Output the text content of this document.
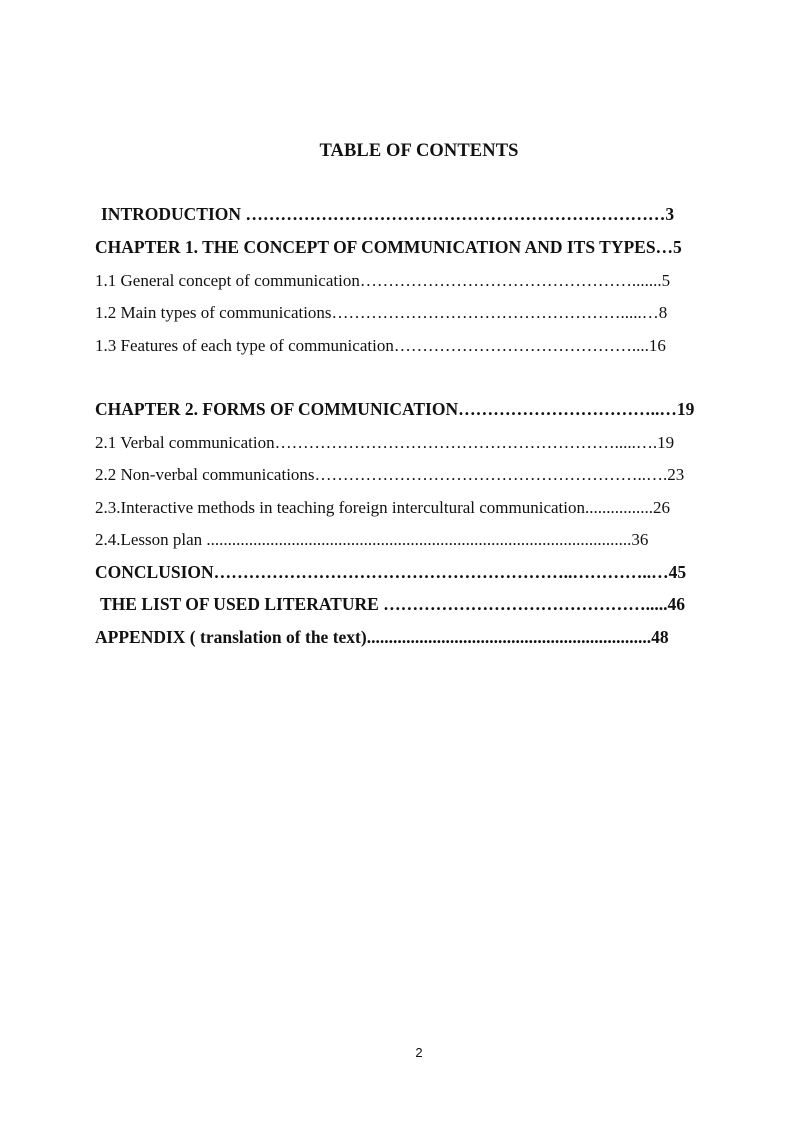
TABLE OF CONTENTS
INTRODUCTION ………………………………………………………………3
CHAPTER 1. THE CONCEPT OF COMMUNICATION AND ITS TYPES…5
1.1 General concept of communication………………………………………….......5
1.2 Main types of communications…………………………………………….....…8
1.3 Features of each type of communication……………………………………....16
CHAPTER 2. FORMS OF COMMUNICATION……………………………..…19
2.1 Verbal communication…………………………………………………….....….19
2.2 Non-verbal communications…………………………………………………..….23
2.3.Interactive methods in teaching foreign intercultural communication................26
2.4.Lesson plan ....................................................................................................36
CONCLUSION……………………………………………………..…………..…45
THE LIST OF USED LITERATURE ……………………………………….....46
APPENDIX ( translation of the text).................................................................48
2
